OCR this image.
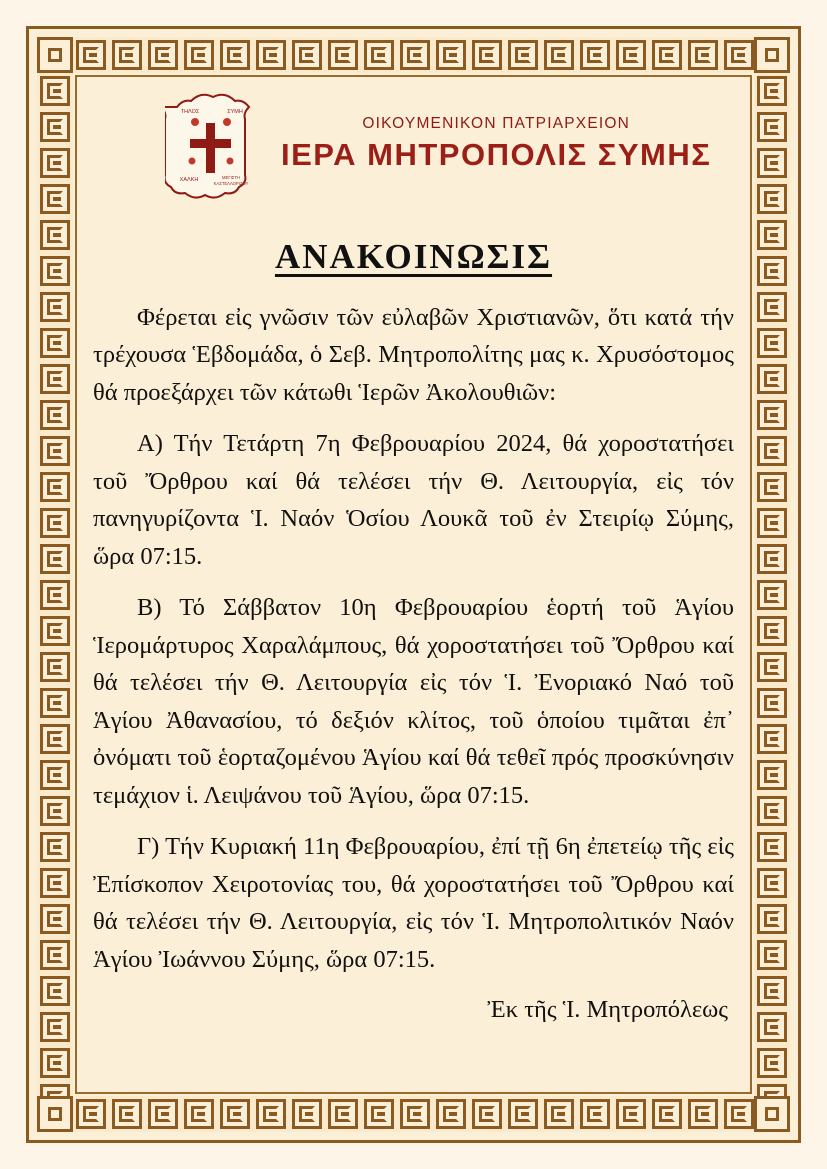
ΤΗΛΟΣ	ΣΥΜΗ
ΧΑΛΚΗ	ΜΕΓΙΣΤΗ
ΚΑΣΤΕΛΛΟΡΙΖΟΥ
ΟΙΚΟΥΜΕΝΙΚΟΝ ΠΑΤΡΙΑΡΧΕΙΟΝ
ΙΕΡΑ ΜΗΤΡΟΠΟΛΙΣ ΣΥΜΗΣ
ΑΝΑΚΟΙΝΩΣΙΣ

Φέρεται εἰς γνῶσιν τῶν εὐλαβῶν Χριστιανῶν, ὅτι κατά τήν τρέχουσα Ἑβδομάδα, ὁ Σεβ. Μητροπολίτης μας κ. Χρυσόστομος θά προεξάρχει τῶν κάτωθι Ἱερῶν Ἀκολουθιῶν:

Α) Τήν Τετάρτη 7η Φεβρουαρίου 2024, θά χοροστατήσει τοῦ Ὄρθρου καί θά τελέσει τήν Θ. Λειτουργία, εἰς τόν πανηγυρίζοντα Ἱ. Ναόν Ὁσίου Λουκᾶ τοῦ ἐν Στειρίῳ Σύμης, ὥρα 07:15.

Β) Τό Σάββατον 10η Φεβρουαρίου ἑορτή τοῦ Ἁγίου Ἱερομάρτυρος Χαραλάμπους, θά χοροστατήσει τοῦ Ὄρθρου καί θά τελέσει τήν Θ. Λειτουργία εἰς τόν Ἱ. Ἐνοριακό Ναό τοῦ Ἁγίου Ἀθανασίου, τό δεξιόν κλίτος, τοῦ ὁποίου τιμᾶται ἐπ᾽ ὀνόματι τοῦ ἑορταζομένου Ἁγίου καί θά τεθεῖ πρός προσκύνησιν τεμάχιον ἱ. Λειψάνου τοῦ Ἁγίου, ὥρα 07:15.

Γ) Τήν Κυριακή 11η Φεβρουαρίου, ἐπί τῇ 6η ἐπετείῳ τῆς εἰς Ἐπίσκοπον Χειροτονίας του, θά χοροστατήσει τοῦ Ὄρθρου καί θά τελέσει τήν Θ. Λειτουργία, εἰς τόν Ἱ. Μητροπολιτικόν Ναόν Ἁγίου Ἰωάννου Σύμης, ὥρα 07:15.

Ἐκ τῆς Ἱ. Μητροπόλεως
